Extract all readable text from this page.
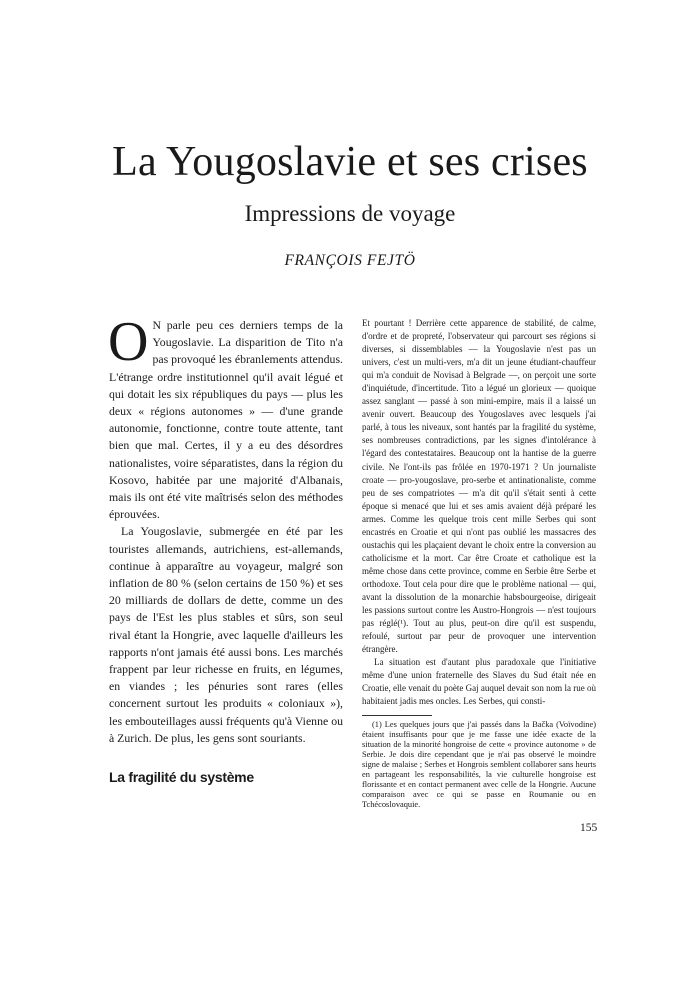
La Yougoslavie et ses crises
Impressions de voyage
FRANÇOIS FEJTÖ

O N parle peu ces derniers temps de la Yougoslavie. La disparition de Tito n'a pas provoqué les ébranlements attendus. L'étrange ordre institutionnel qu'il avait légué et qui dotait les six républiques du pays — plus les deux « régions autonomes » — d'une grande autonomie, fonctionne, contre toute attente, tant bien que mal. Certes, il y a eu des désordres nationalistes, voire séparatistes, dans la région du Kosovo, habitée par une majorité d'Albanais, mais ils ont été vite maîtrisés selon des méthodes éprouvées.

La Yougoslavie, submergée en été par les touristes allemands, autrichiens, est-allemands, continue à apparaître au voyageur, malgré son inflation de 80 % (selon certains de 150 %) et ses 20 milliards de dollars de dette, comme un des pays de l'Est les plus stables et sûrs, son seul rival étant la Hongrie, avec laquelle d'ailleurs les rapports n'ont jamais été aussi bons. Les marchés frappent par leur richesse en fruits, en légumes, en viandes ; les pénuries sont rares (elles concernent surtout les produits « coloniaux »), les embouteillages aussi fréquents qu'à Vienne ou à Zurich. De plus, les gens sont souriants.

La fragilité du système

(1) Les quelques jours que j'ai passés dans la Bačka (Voïvodine) étaient insuffisants pour que je me fasse une idée exacte de la situation de la minorité hongroise de cette « province autonome » de Serbie. Je dois dire cependant que je n'ai pas observé le moindre signe de malaise ; Serbes et Hongrois semblent collaborer sans heurts en partageant les responsabilités, la vie culturelle hongroise est florissante et en contact permanent avec celle de la Hongrie. Aucune comparaison avec ce qui se passe en Roumanie ou en Tchécoslovaquie.

155

Et pourtant ! Derrière cette apparence de stabilité, de calme, d'ordre et de propreté, l'observateur qui parcourt ses régions si diverses, si dissemblables — la Yougoslavie n'est pas un univers, c'est un multi-vers, m'a dit un jeune étudiant-chauffeur qui m'a conduit de Novisad à Belgrade —, on perçoit une sorte d'inquiétude, d'incertitude. Tito a légué un glorieux — quoique assez sanglant — passé à son mini-empire, mais il a laissé un avenir ouvert. Beaucoup des Yougoslaves avec lesquels j'ai parlé, à tous les niveaux, sont hantés par la fragilité du système, ses nombreuses contradictions, par les signes d'intolérance à l'égard des contestataires. Beaucoup ont la hantise de la guerre civile. Ne l'ont-ils pas frôlée en 1970-1971 ? Un journaliste croate — pro-yougoslave, pro-serbe et antinationaliste, comme peu de ses compatriotes — m'a dit qu'il s'était senti à cette époque si menacé que lui et ses amis avaient déjà préparé les armes. Comme les quelque trois cent mille Serbes qui sont encastrés en Croatie et qui n'ont pas oublié les massacres des oustachis qui les plaçaient devant le choix entre la conversion au catholicisme et la mort. Car être Croate et catholique est la même chose dans cette province, comme en Serbie être Serbe et orthodoxe. Tout cela pour dire que le problème national — qui, avant la dissolution de la monarchie habsbourgeoise, dirigeait les passions surtout contre les Austro-Hongrois — n'est toujours pas réglé(¹). Tout au plus, peut-on dire qu'il est suspendu, refoulé, surtout par peur de provoquer une intervention étrangère.

La situation est d'autant plus paradoxale que l'initiative même d'une union fraternelle des Slaves du Sud était née en Croatie, elle venait du poète Gaj auquel devait son nom la rue où habitaient jadis mes oncles. Les Serbes, qui consti-
